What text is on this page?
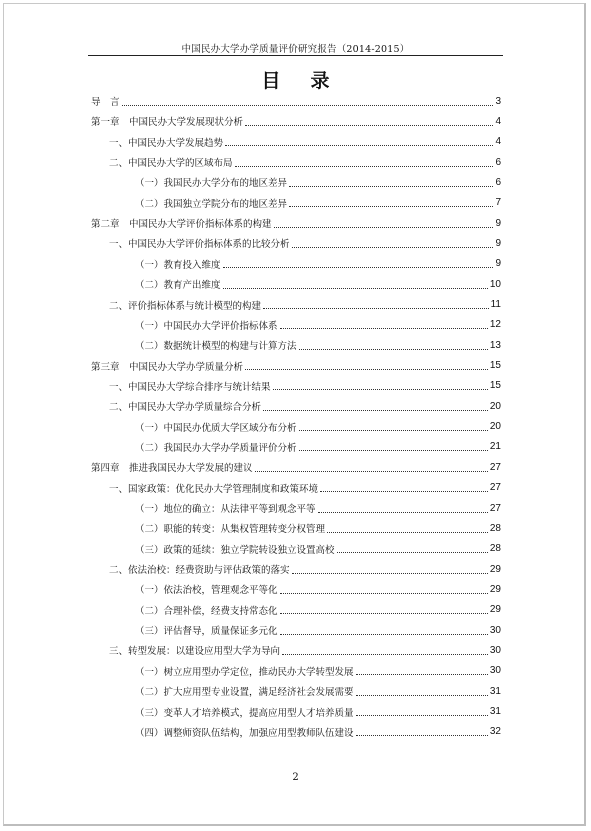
中国民办大学办学质量评价研究报告（2014-2015）
目录
导　言	3
第一章　中国民办大学发展现状分析	4
一、中国民办大学发展趋势	4
二、中国民办大学的区域布局	6
（一）我国民办大学分布的地区差异	6
（二）我国独立学院分布的地区差异	7
第二章　中国民办大学评价指标体系的构建	9
一、中国民办大学评价指标体系的比较分析	9
（一）教育投入维度	9
（二）教育产出维度	10
二、评价指标体系与统计模型的构建	11
（一）中国民办大学评价指标体系	12
（二）数据统计模型的构建与计算方法	13
第三章　中国民办大学办学质量分析	15
一、中国民办大学综合排序与统计结果	15
二、中国民办大学办学质量综合分析	20
（一）中国民办优质大学区域分布分析	20
（二）我国民办大学办学质量评价分析	21
第四章　推进我国民办大学发展的建议	27
一、国家政策：优化民办大学管理制度和政策环境	27
（一）地位的确立：从法律平等到观念平等	27
（二）职能的转变：从集权管理转变分权管理	28
（三）政策的延续：独立学院转设独立设置高校	28
二、依法治校：经费资助与评估政策的落实	29
（一）依法治校，管理观念平等化	29
（二）合理补偿，经费支持常态化	29
（三）评估督导，质量保证多元化	30
三、转型发展：以建设应用型大学为导向	30
（一）树立应用型办学定位，推动民办大学转型发展	30
（二）扩大应用型专业设置，满足经济社会发展需要	31
（三）变革人才培养模式，提高应用型人才培养质量	31
（四）调整师资队伍结构，加强应用型教师队伍建设	32
2
